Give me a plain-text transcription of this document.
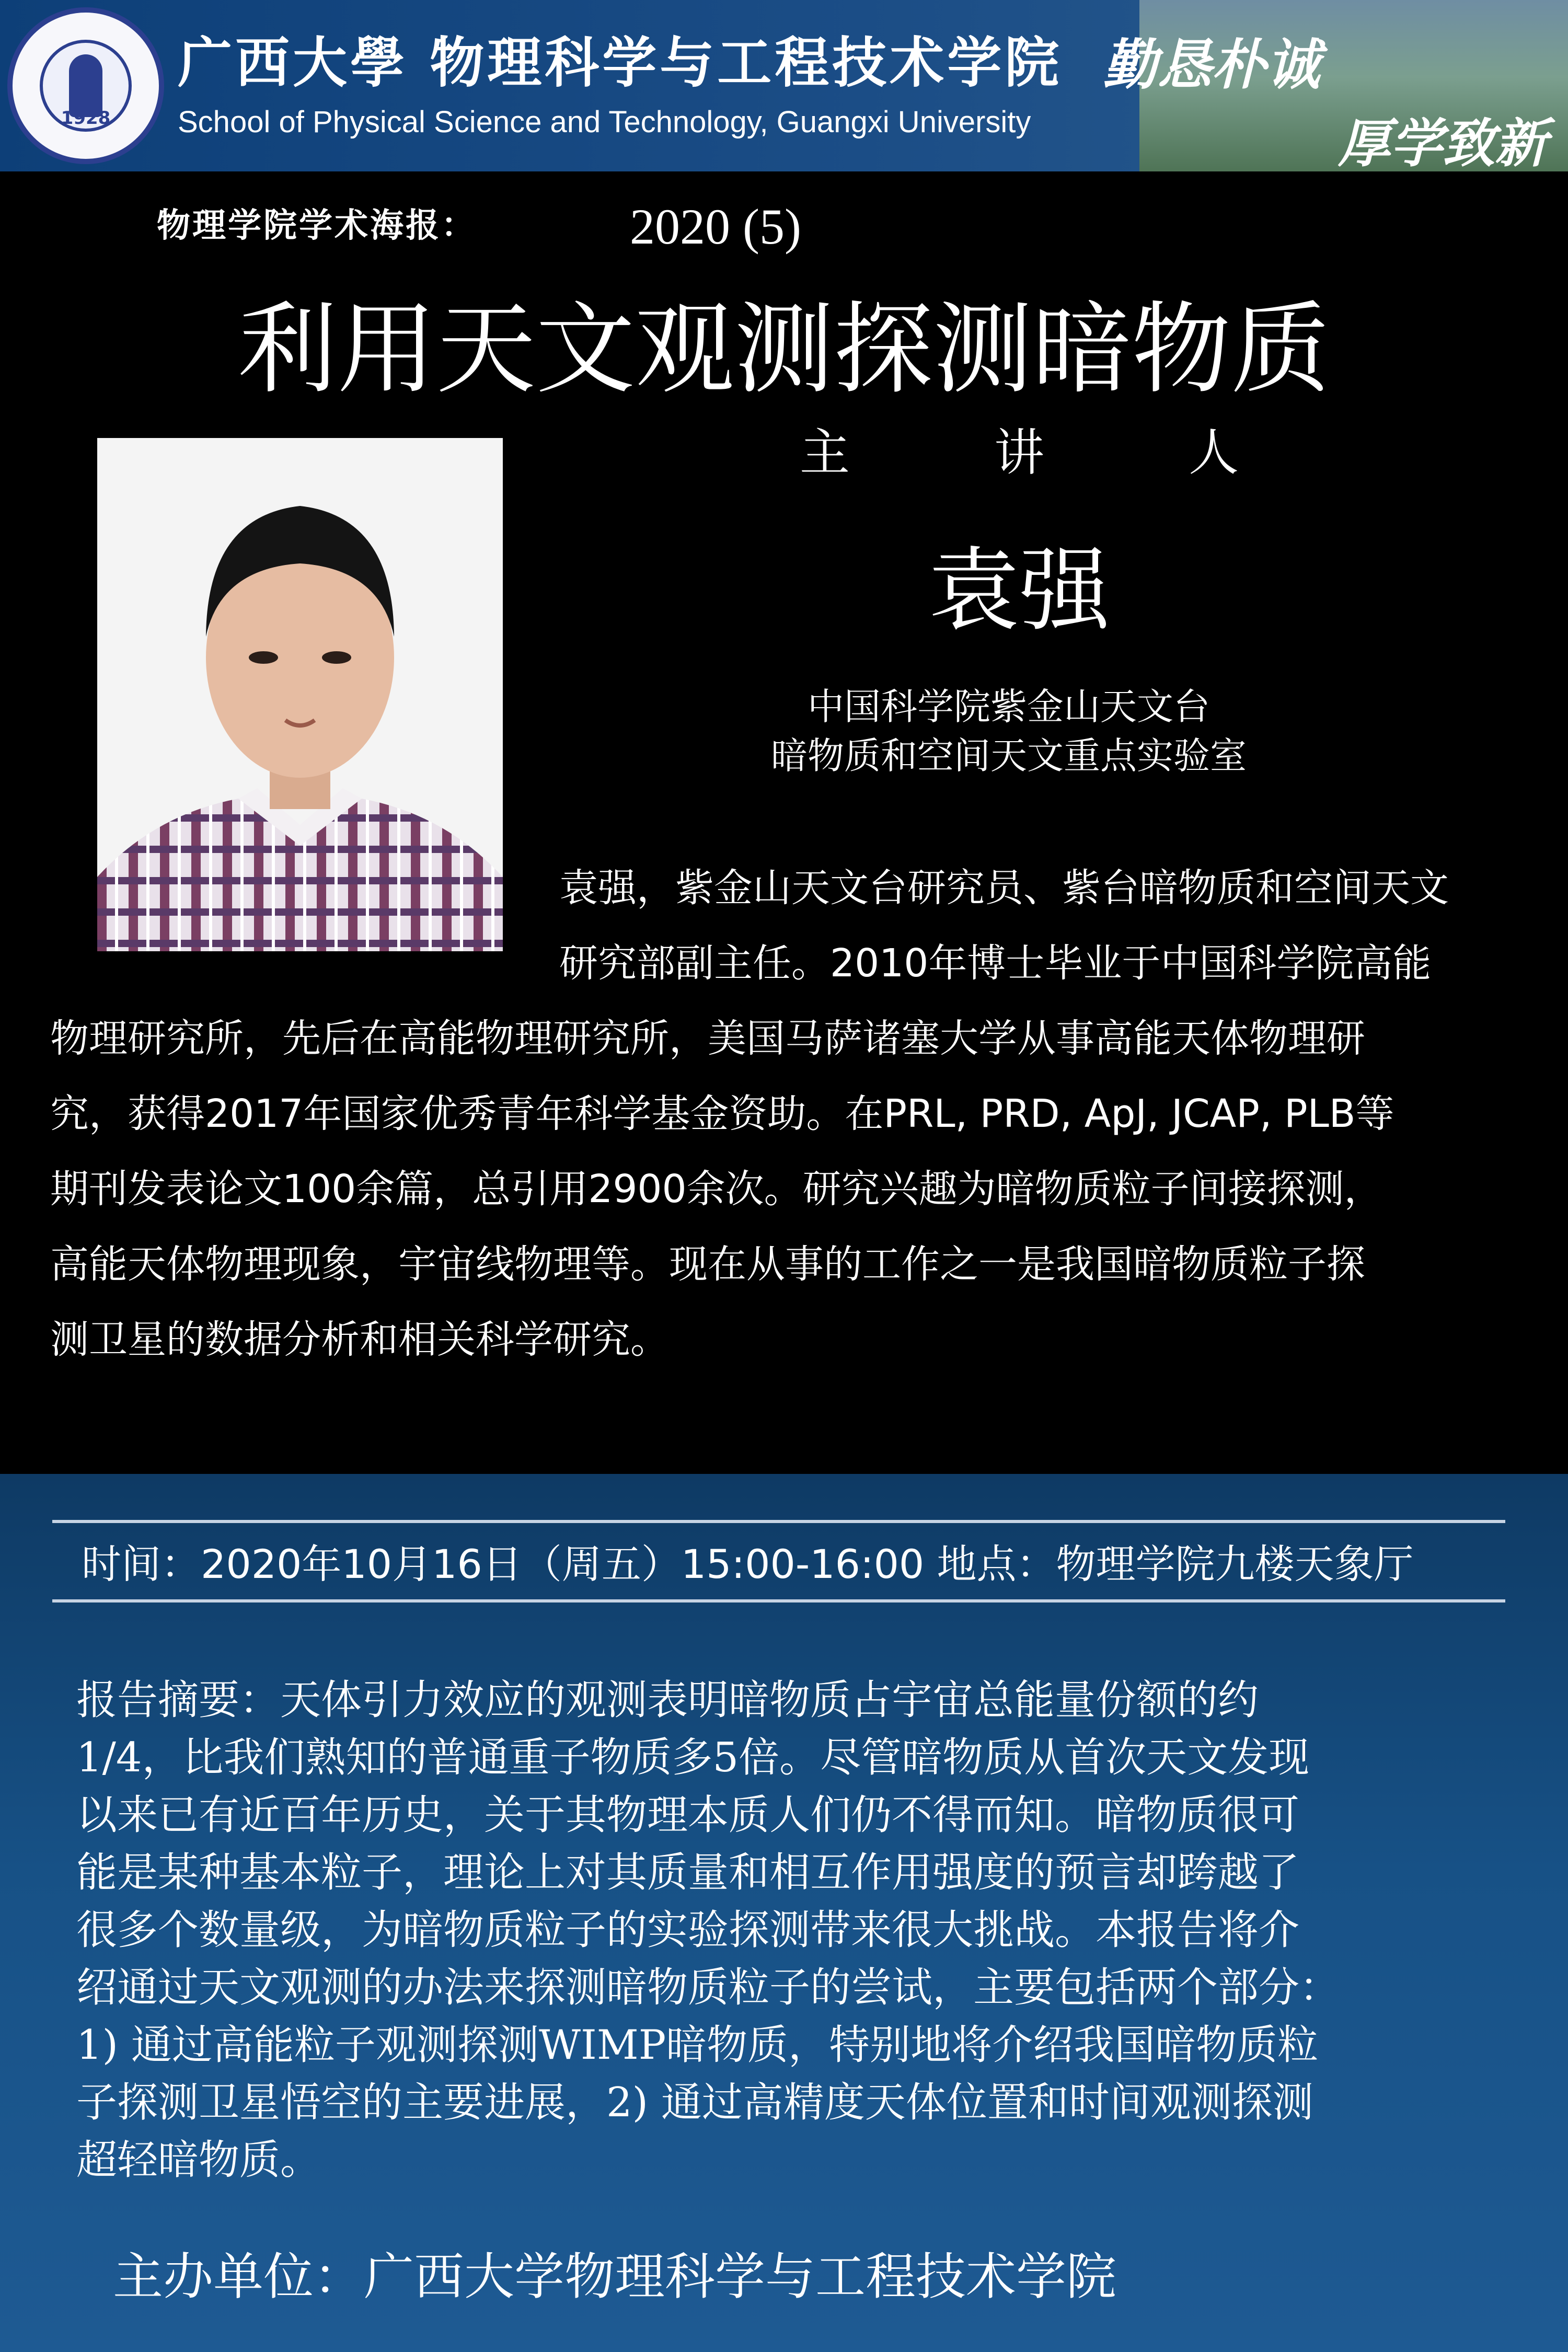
1928
广西大學 物理科学与工程技术学院
School of Physical Science and Technology, Guangxi University
勤恳朴诚
厚学致新
物理学院学术海报：	2020 (5)
利用天文观测探测暗物质
主讲人
袁强
中国科学院紫金山天文台
暗物质和空间天文重点实验室
袁强，紫金山天文台研究员、紫台暗物质和空间天文
研究部副主任。2010年博士毕业于中国科学院高能
物理研究所，先后在高能物理研究所，美国马萨诸塞大学从事高能天体物理研
究，获得2017年国家优秀青年科学基金资助。在PRL, PRD, ApJ, JCAP, PLB等
期刊发表论文100余篇，总引用2900余次。研究兴趣为暗物质粒子间接探测，
高能天体物理现象，宇宙线物理等。现在从事的工作之一是我国暗物质粒子探
测卫星的数据分析和相关科学研究。
时间：2020年10月16日（周五）15:00-16:00 地点：物理学院九楼天象厅
报告摘要：天体引力效应的观测表明暗物质占宇宙总能量份额的约
1/4，比我们熟知的普通重子物质多5倍。尽管暗物质从首次天文发现
以来已有近百年历史，关于其物理本质人们仍不得而知。暗物质很可
能是某种基本粒子，理论上对其质量和相互作用强度的预言却跨越了
很多个数量级，为暗物质粒子的实验探测带来很大挑战。本报告将介
绍通过天文观测的办法来探测暗物质粒子的尝试，主要包括两个部分：
1) 通过高能粒子观测探测WIMP暗物质，特别地将介绍我国暗物质粒
子探测卫星悟空的主要进展，2) 通过高精度天体位置和时间观测探测
超轻暗物质。
主办单位：广西大学物理科学与工程技术学院
